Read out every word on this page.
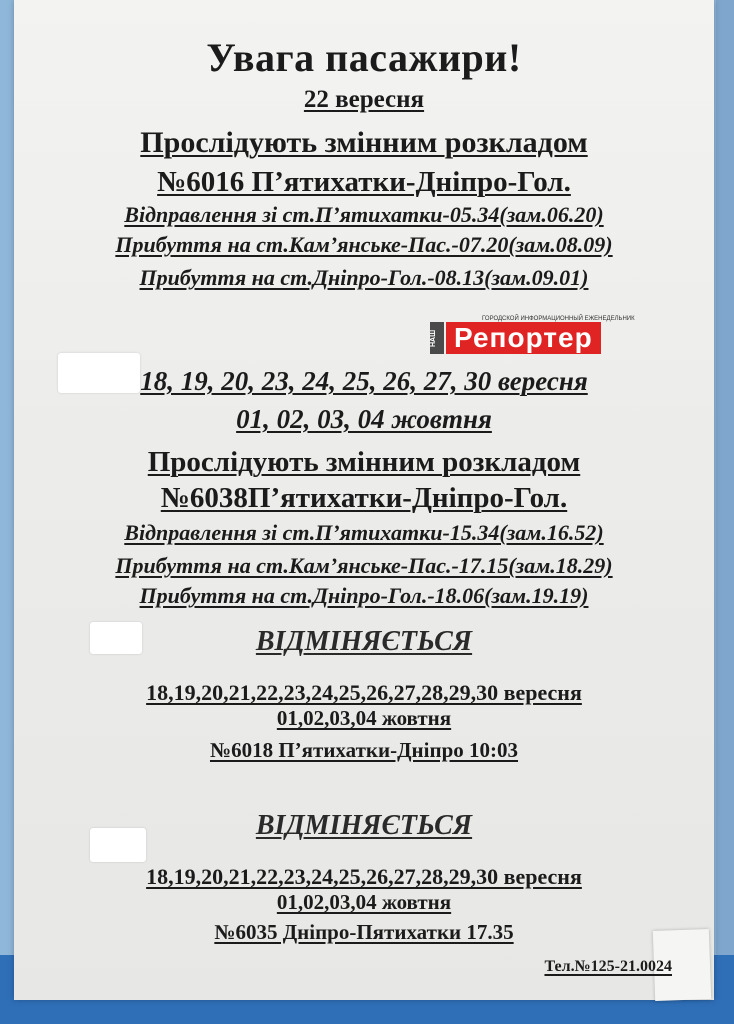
Увага пасажири!
22 вересня
Прослідують змінним розкладом
№6016 П’ятихатки-Дніпро-Гол.
Відправлення зі ст.П’ятихатки-05.34(зам.06.20)
Прибуття на ст.Кам’янське-Пас.-07.20(зам.08.09)
Прибуття на ст.Дніпро-Гол.-08.13(зам.09.01)
НАШ
ГОРОДСКОЙ ИНФОРМАЦИОННЫЙ ЕЖЕНЕДЕЛЬНИК
Репортер
18, 19, 20, 23, 24, 25, 26, 27, 30 вересня
01, 02, 03, 04 жовтня
Прослідують змінним розкладом
№6038П’ятихатки-Дніпро-Гол.
Відправлення зі ст.П’ятихатки-15.34(зам.16.52)
Прибуття на ст.Кам’янське-Пас.-17.15(зам.18.29)
Прибуття на ст.Дніпро-Гол.-18.06(зам.19.19)
ВІДМІНЯЄТЬСЯ
18,19,20,21,22,23,24,25,26,27,28,29,30 вересня
01,02,03,04 жовтня
№6018 П’ятихатки-Дніпро 10:03
ВІДМІНЯЄТЬСЯ
18,19,20,21,22,23,24,25,26,27,28,29,30 вересня
01,02,03,04 жовтня
№6035 Дніпро-Пятихатки 17.35
Тел.№125-21.0024
